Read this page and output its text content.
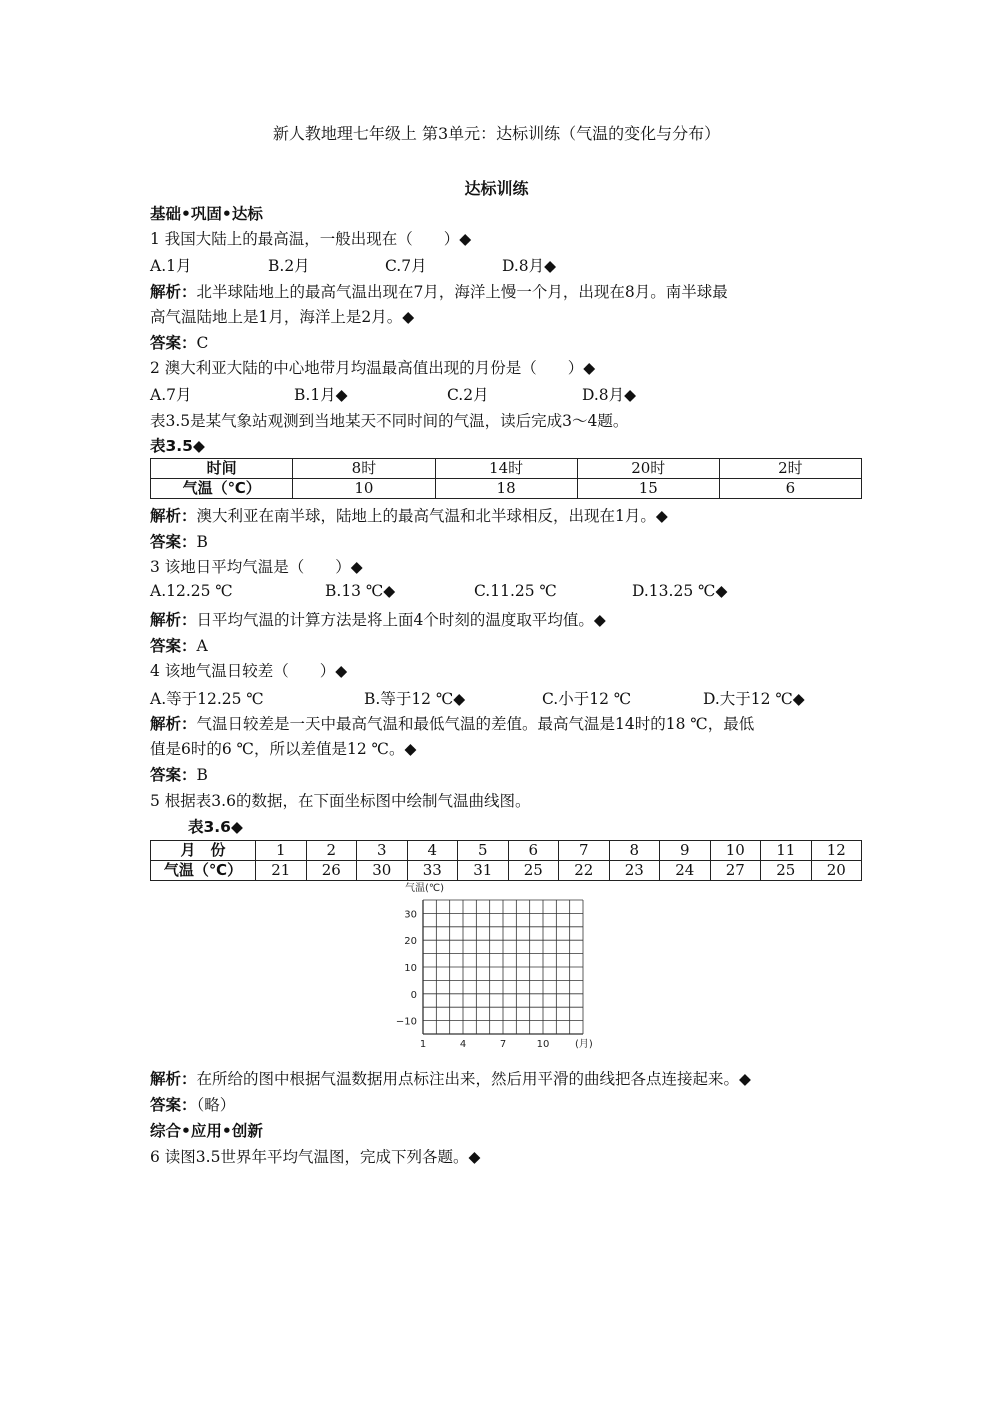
新人教地理七年级上 第3单元：达标训练（气温的变化与分布）
达标训练
基础•巩固•达标
1 我国大陆上的最高温，一般出现在（　　）◆
A.1月	B.2月	C.7月	D.8月◆
解析：北半球陆地上的最高气温出现在7月，海洋上慢一个月，出现在8月。南半球最
高气温陆地上是1月，海洋上是2月。◆
答案：C
2 澳大利亚大陆的中心地带月均温最高值出现的月份是（　　）◆
A.7月	B.1月◆	C.2月	D.8月◆
表3.5是某气象站观测到当地某天不同时间的气温，读后完成3～4题。
表3.5◆
时间	8时	14时	20时	2时
气温（℃）	10	18	15	6
解析：澳大利亚在南半球，陆地上的最高气温和北半球相反，出现在1月。◆
答案：B
3 该地日平均气温是（　　）◆
A.12.25 ℃	B.13 ℃◆	C.11.25 ℃	D.13.25 ℃◆
解析：日平均气温的计算方法是将上面4个时刻的温度取平均值。◆
答案：A
4 该地气温日较差（　　）◆
A.等于12.25 ℃	B.等于12 ℃◆	C.小于12 ℃	D.大于12 ℃◆
解析：气温日较差是一天中最高气温和最低气温的差值。最高气温是14时的18 ℃，最低
值是6时的6 ℃，所以差值是12 ℃。◆
答案：B
5 根据表3.6的数据，在下面坐标图中绘制气温曲线图。
表3.6◆
月　份	1	2	3	4	5	6	7	8	9	10	11	12
气温（℃）	21	26	30	33	31	25	22	23	24	27	25	20
气温(℃)
30
20
10
0
−10
1	4	7	10	(月)
解析：在所给的图中根据气温数据用点标注出来，然后用平滑的曲线把各点连接起来。◆
答案：（略）
综合•应用•创新
6 读图3.5世界年平均气温图，完成下列各题。◆
